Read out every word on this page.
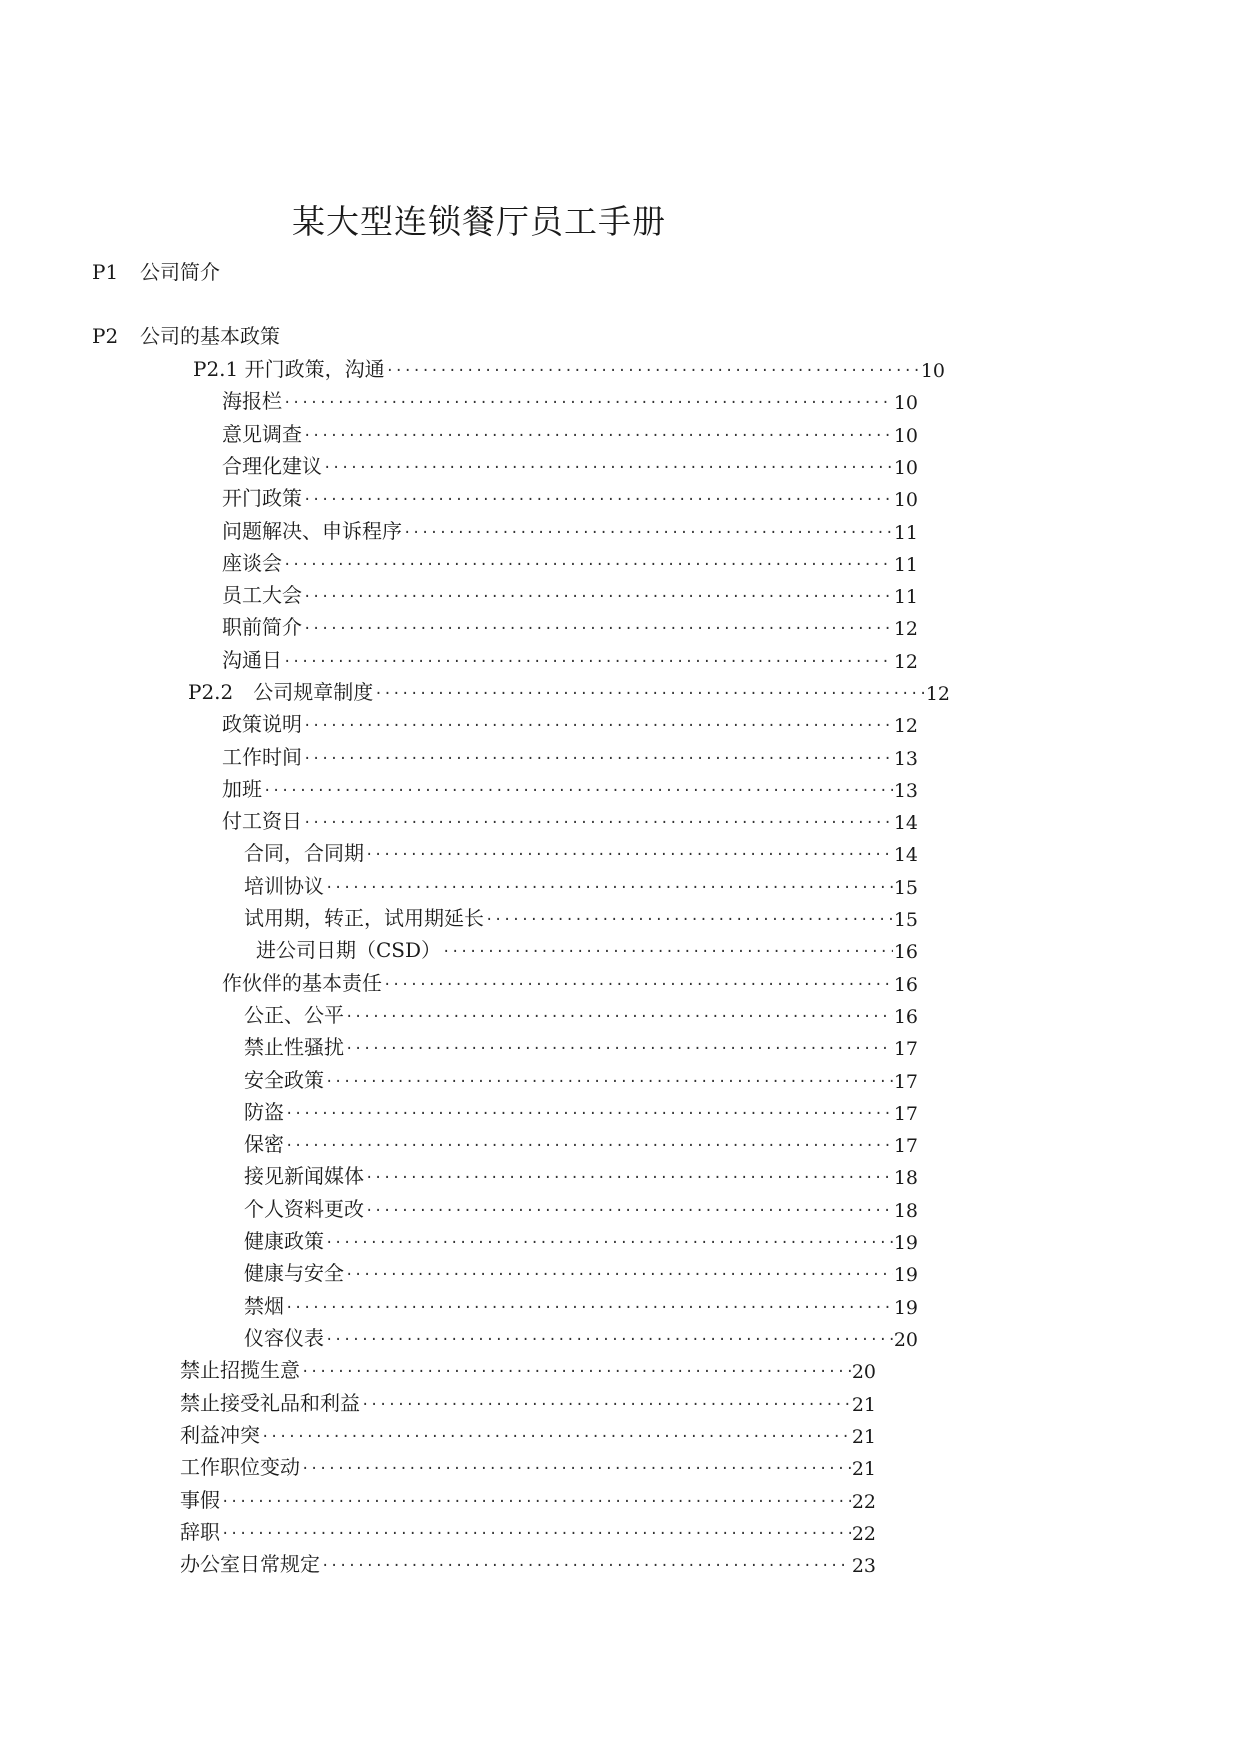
某大型连锁餐厅员工手册
P1 公司简介
P2 公司的基本政策
P2.1 开门政策，沟通 ·····	10
海报栏 ·····	10
意见调查 ·····	10
合理化建议 ·····	10
开门政策 ·····	10
问题解决、申诉程序 ·····	11
座谈会 ·····	11
员工大会 ·····	11
职前简介 ·····	12
沟通日 ·····	12
P2.2　公司规章制度 ·····	12
政策说明 ·····	12
工作时间 ·····	13
加班 ·····	13
付工资日 ·····	14
合同，合同期 ·····	14
培训协议 ·····	15
试用期，转正，试用期延长 ·····	15
进公司日期（CSD） ·····	16
作伙伴的基本责任 ·····	16
公正、公平 ·····	16
禁止性骚扰 ·····	17
安全政策 ·····	17
防盗 ·····	17
保密 ·····	17
接见新闻媒体 ·····	18
个人资料更改 ·····	18
健康政策 ·····	19
健康与安全 ·····	19
禁烟 ·····	19
仪容仪表 ·····	20
禁止招揽生意 ·····	20
禁止接受礼品和利益 ·····	21
利益冲突 ·····	21
工作职位变动 ·····	21
事假 ·····	22
辞职 ·····	22
办公室日常规定 ·····	23
